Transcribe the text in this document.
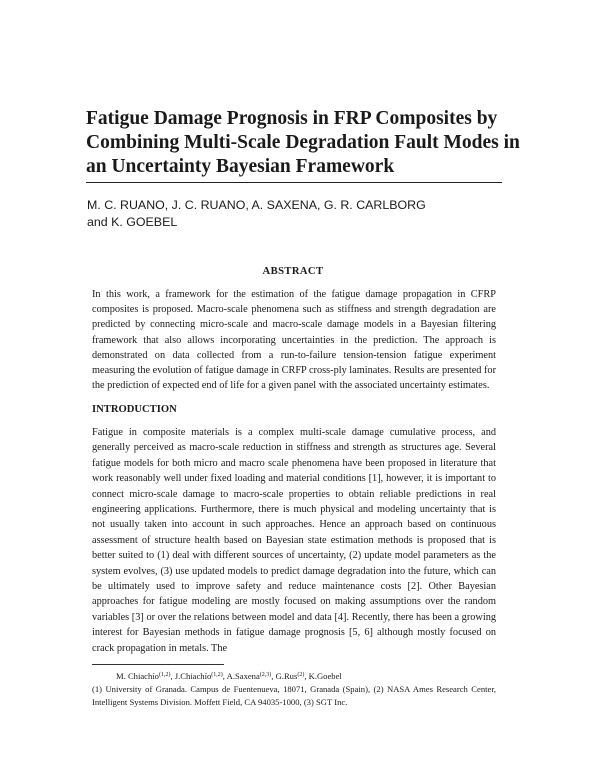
Fatigue Damage Prognosis in FRP Composites by Combining Multi-Scale Degradation Fault Modes in an Uncertainty Bayesian Framework
M. C. RUANO, J. C. RUANO, A. SAXENA, G. R. CARLBORG
and K. GOEBEL
ABSTRACT

In this work, a framework for the estimation of the fatigue damage propagation in CFRP composites is proposed. Macro-scale phenomena such as stiffness and strength degradation are predicted by connecting micro-scale and macro-scale damage models in a Bayesian filtering framework that also allows incorporating uncertainties in the prediction. The approach is demonstrated on data collected from a run-to-failure tension-tension fatigue experiment measuring the evolution of fatigue damage in CRFP cross-ply laminates. Results are presented for the prediction of expected end of life for a given panel with the associated uncertainty estimates.

INTRODUCTION

Fatigue in composite materials is a complex multi-scale damage cumulative process, and generally perceived as macro-scale reduction in stiffness and strength as structures age. Several fatigue models for both micro and macro scale phenomena have been proposed in literature that work reasonably well under fixed loading and material conditions [1], however, it is important to connect micro-scale damage to macro-scale properties to obtain reliable predictions in real engineering applications. Furthermore, there is much physical and modeling uncertainty that is not usually taken into account in such approaches. Hence an approach based on continuous assessment of structure health based on Bayesian state estimation methods is proposed that is better suited to (1) deal with different sources of uncertainty, (2) update model parameters as the system evolves, (3) use updated models to predict damage degradation into the future, which can be ultimately used to improve safety and reduce maintenance costs [2]. Other Bayesian approaches for fatigue modeling are mostly focused on making assumptions over the random variables [3] or over the relations between model and data [4]. Recently, there has been a growing interest for Bayesian methods in fatigue damage prognosis [5, 6] although mostly focused on crack propagation in metals. The

M. Chiachío$^{(1,2)}$, J.Chiachío$^{(1,2)}$, A.Saxena$^{(2,3)}$, G.Rus$^{(2)}$, K.Goebel

(1) University of Granada. Campus de Fuentenueva, 18071, Granada (Spain), (2) NASA Ames Research Center, Intelligent Systems Division. Moffett Field, CA 94035-1000, (3) SGT Inc.
